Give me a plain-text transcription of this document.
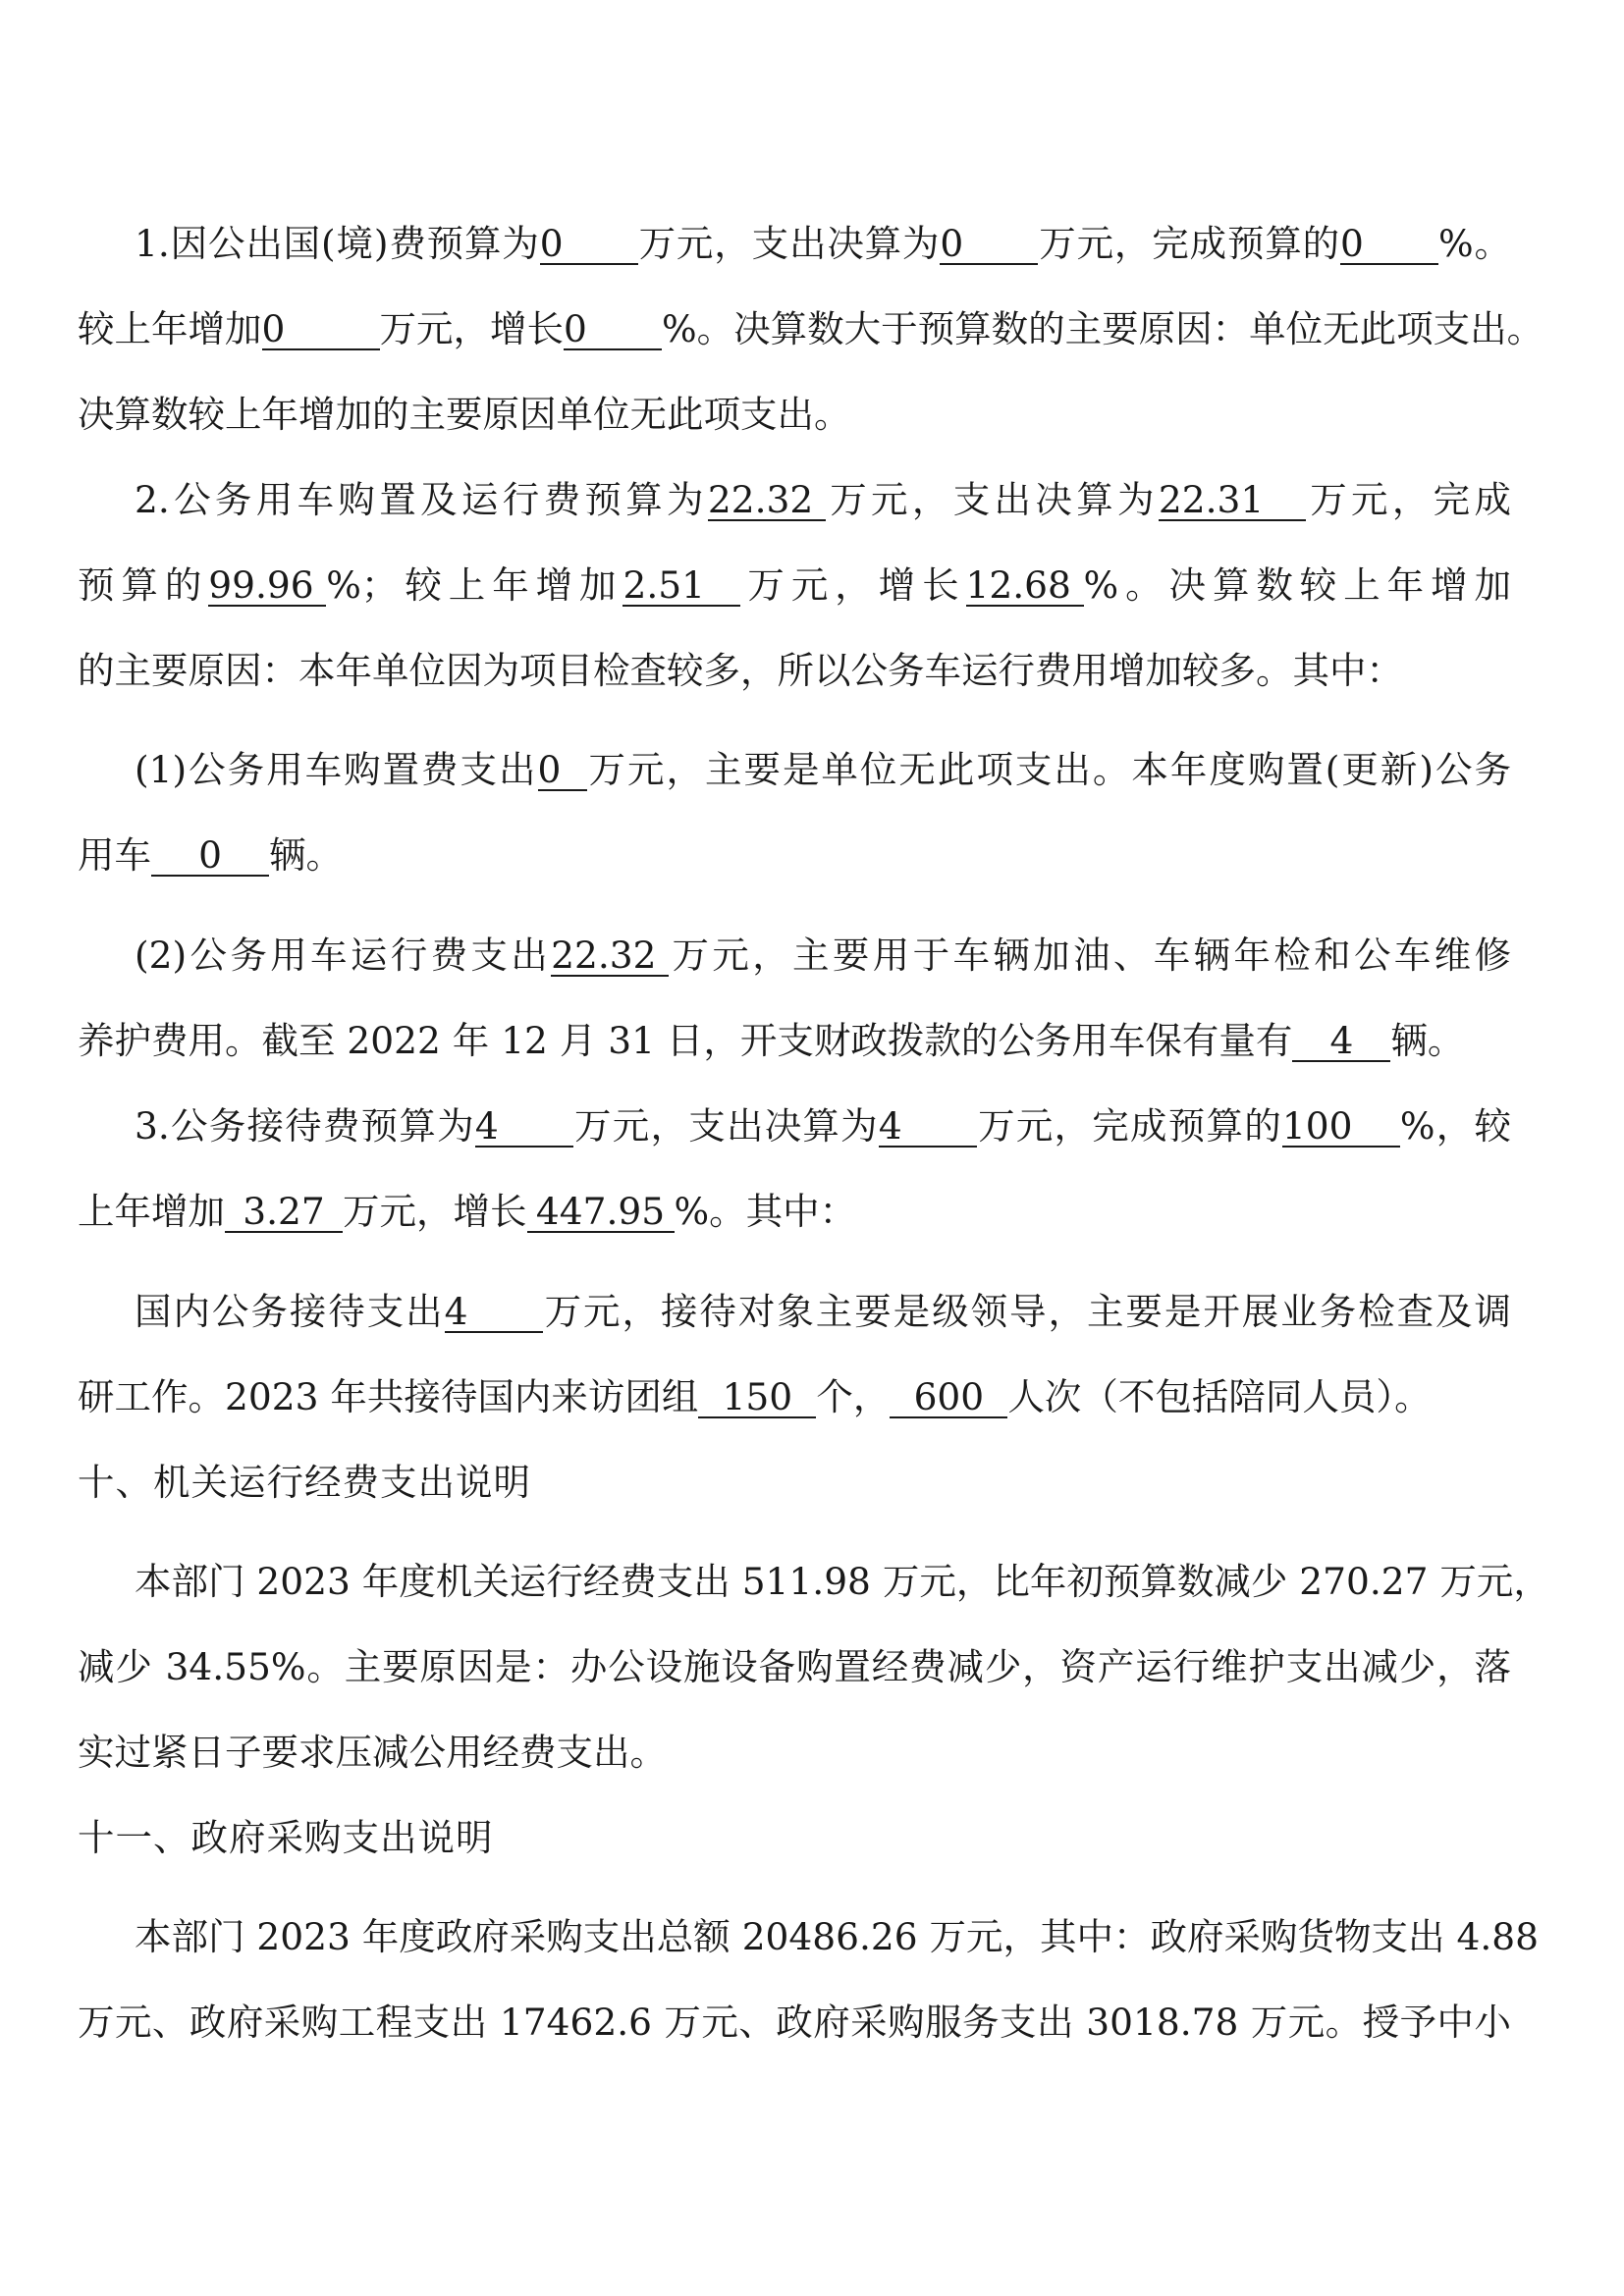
1.因公出国(境)费预算为0 万元，支出决算为0 万元，完成预算的0 %。

较上年增加0	万元，增长0 %。决算数大于预算数的主要原因：单位无此项支出。

决算数较上年增加的主要原因单位无此项支出。

2.公务用车购置及运行费预算为22.32 万元，支出决算为22.31 万元，完成

预算的99.96 %；较上年增加2.51 万元，增长12.68 %。决算数较上年增加

的主要原因：本年单位因为项目检查较多，所以公务车运行费用增加较多。其中：

(1)公务用车购置费支出0 万元，主要是单位无此项支出。本年度购置(更新)公务

用车 0 辆。

(2)公务用车运行费支出22.32 万元，主要用于车辆加油、车辆年检和公车维修

养护费用。截至 2022 年 12 月 31 日，开支财政拨款的公务用车保有量有 4 辆。

3.公务接待费预算为4 万元，支出决算为4 万元，完成预算的100 %，较

上年增加 3.27 万元，增长 447.95 %。其中：

国内公务接待支出4 万元，接待对象主要是级领导，主要是开展业务检查及调

研工作。2023 年共接待国内来访团组 150 个， 600 人次（不包括陪同人员）。

十、机关运行经费支出说明

本部门 2023 年度机关运行经费支出 511.98 万元，比年初预算数减少 270.27 万元，

减少 34.55%。主要原因是：办公设施设备购置经费减少，资产运行维护支出减少，落

实过紧日子要求压减公用经费支出。

十一、政府采购支出说明

本部门 2023 年度政府采购支出总额 20486.26 万元，其中：政府采购货物支出 4.88

万元、政府采购工程支出 17462.6 万元、政府采购服务支出 3018.78 万元。授予中小
